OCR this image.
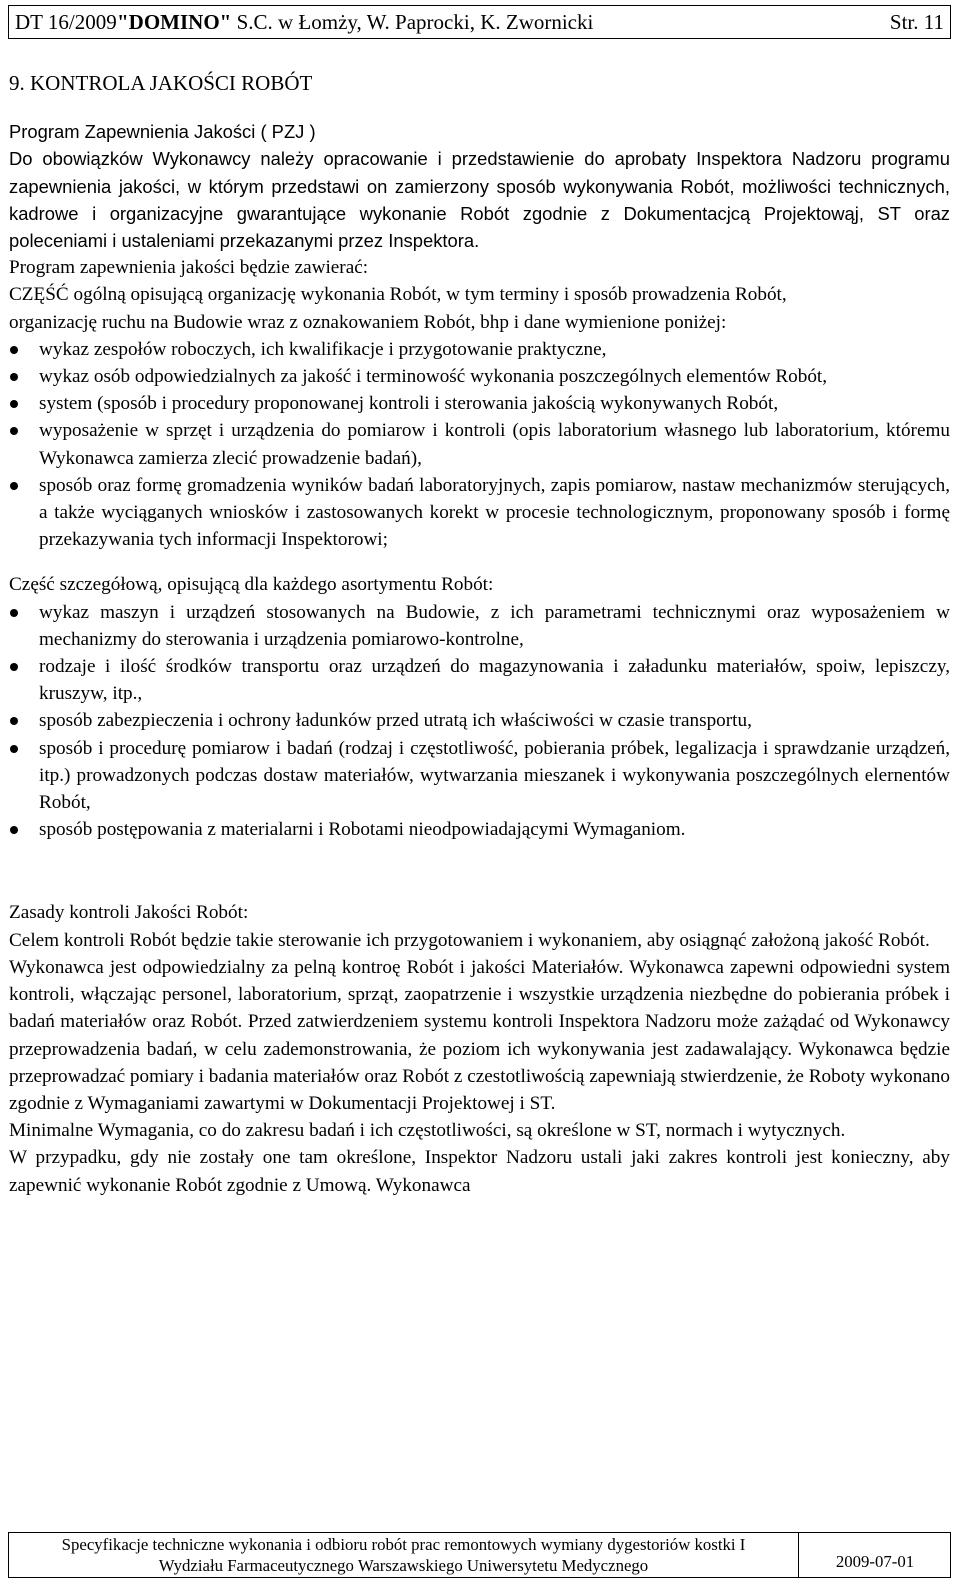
DT 16/2009 "DOMINO" S.C. w Łomży, W. Paprocki, K. Zwornicki	Str. 11

9. KONTROLA JAKOŚCI ROBÓT

Program Zapewnienia Jakości ( PZJ )

Do obowiązków Wykonawcy należy opracowanie i przedstawienie do aprobaty Inspektora Nadzoru programu zapewnienia jakości, w którym przedstawi on zamierzony sposób wykonywania Robót, możliwości technicznych, kadrowe i organizacyjne gwarantujące wykonanie Robót zgodnie z Dokumentacjcą Projektowąj, ST oraz poleceniami i ustaleniami przekazanymi przez Inspektora.

Program zapewnienia jakości będzie zawierać:

CZĘŚĆ ogólną opisującą organizację wykonania Robót, w tym terminy i sposób prowadzenia Robót,

organizację ruchu na Budowie wraz z oznakowaniem Robót, bhp i dane wymienione poniżej:

wykaz zespołów roboczych, ich kwalifikacje i przygotowanie praktyczne,
wykaz osób odpowiedzialnych za jakość i terminowość wykonania poszczególnych elementów Robót,
system (sposób i procedury proponowanej kontroli i sterowania jakością wykonywanych Robót,
wyposażenie w sprzęt i urządzenia do pomiarow i kontroli (opis laboratorium własnego lub laboratorium, któremu Wykonawca zamierza zlecić prowadzenie badań),
sposób oraz formę gromadzenia wyników badań laboratoryjnych, zapis pomiarow, nastaw mechanizmów sterujących, a także wyciąganych wniosków i zastosowanych korekt w procesie technologicznym, proponowany sposób i formę przekazywania tych informacji Inspektorowi;

Część szczegółową, opisującą dla każdego asortymentu Robót:

wykaz maszyn i urządzeń stosowanych na Budowie, z ich parametrami technicznymi oraz wyposażeniem w mechanizmy do sterowania i urządzenia pomiarowo-kontrolne,
rodzaje i ilość środków transportu oraz urządzeń do magazynowania i załadunku materiałów, spoiw, lepiszczy, kruszyw, itp.,
sposób zabezpieczenia i ochrony ładunków przed utratą ich właściwości w czasie transportu,
sposób i procedurę pomiarow i badań (rodzaj i częstotliwość, pobierania próbek, legalizacja i sprawdzanie urządzeń, itp.) prowadzonych podczas dostaw materiałów, wytwarzania mieszanek i wykonywania poszczególnych elernentów Robót,
sposób postępowania z materialarni i Robotami nieodpowiadającymi Wymaganiom.

Zasady kontroli Jakości Robót:

Celem kontroli Robót będzie takie sterowanie ich przygotowaniem i wykonaniem, aby osiągnąć założoną jakość Robót.

Wykonawca jest odpowiedzialny za pelną kontroę Robót i jakości Materiałów. Wykonawca zapewni odpowiedni system kontroli, włączając personel, laboratorium, sprząt, zaopatrzenie i wszystkie urządzenia niezbędne do pobierania próbek i badań materiałów oraz Robót. Przed zatwierdzeniem systemu kontroli Inspektora Nadzoru może zażądać od Wykonawcy przeprowadzenia badań, w celu zademonstrowania, że poziom ich wykonywania jest zadawalający. Wykonawca będzie przeprowadzać pomiary i badania materiałów oraz Robót z czestotliwością zapewniają stwierdzenie, że Roboty wykonano zgodnie z Wymaganiami zawartymi w Dokumentacji Projektowej i ST.

Minimalne Wymagania, co do zakresu badań i ich częstotliwości, są określone w ST, normach i wytycznych.

W przypadku, gdy nie zostały one tam określone, Inspektor Nadzoru ustali jaki zakres kontroli jest konieczny, aby zapewnić wykonanie Robót zgodnie z Umową. Wykonawca

Specyfikacje techniczne wykonania i odbioru robót prac remontowych wymiany dygestoriów kostki I
Wydziału Farmaceutycznego Warszawskiego Uniwersytetu Medycznego	2009-07-01
